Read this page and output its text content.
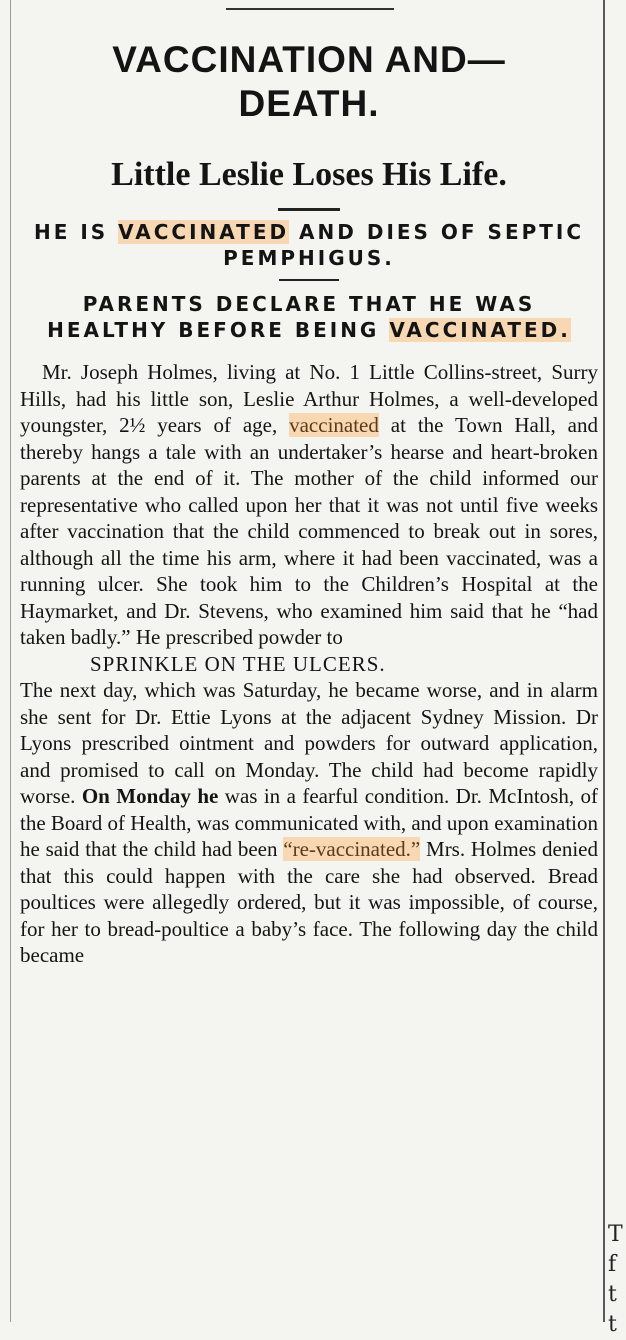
T
f
t
t
VACCINATION AND—
DEATH.
Little Leslie Loses His Life.

HE IS VACCINATED AND DIES OF SEPTIC PEMPHIGUS.

PARENTS DECLARE THAT HE WAS HEALTHY BEFORE BEING VACCINATED.

Mr. Joseph Holmes, living at No. 1 Little Collins-street, Surry Hills, had his little son, Leslie Arthur Holmes, a well-developed youngster, 2½ years of age, vaccinated at the Town Hall, and thereby hangs a tale with an undertaker’s hearse and heart-broken parents at the end of it. The mother of the child informed our representative who called upon her that it was not until five weeks after vaccination that the child commenced to break out in sores, although all the time his arm, where it had been vaccinated, was a running ulcer. She took him to the Children’s Hospital at the Haymarket, and Dr. Stevens, who examined him said that he “had taken badly.” He prescribed powder to

SPRINKLE ON THE ULCERS.

The next day, which was Saturday, he became worse, and in alarm she sent for Dr. Ettie Lyons at the adjacent Sydney Mission. Dr Lyons prescribed ointment and powders for outward application, and promised to call on Monday. The child had become rapidly worse. On Monday he was in a fearful condition. Dr. McIntosh, of the Board of Health, was communicated with, and upon examination he said that the child had been “re-vaccinated.” Mrs. Holmes denied that this could happen with the care she had observed. Bread poultices were allegedly ordered, but it was impossible, of course, for her to bread-poultice a baby’s face. The following day the child became
